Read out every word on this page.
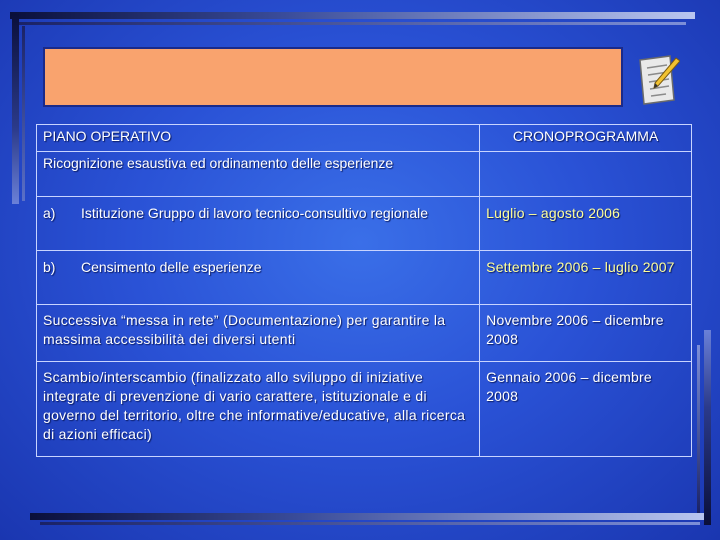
PIANO OPERATIVO	CRONOPROGRAMMA
Ricognizione esaustiva ed ordinamento delle esperienze	

a) Istituzione Gruppo di lavoro tecnico-consultivo regionale	Luglio – agosto 2006

b) Censimento delle esperienze	Settembre 2006 – luglio 2007
Successiva “messa in rete” (Documentazione) per garantire la massima accessibilità dei diversi utenti	Novembre 2006 – dicembre 2008
Scambio/interscambio (finalizzato allo sviluppo di iniziative integrate di prevenzione di vario carattere, istituzionale e di governo del territorio, oltre che informative/educative, alla ricerca di azioni efficaci)	Gennaio 2006 – dicembre 2008
